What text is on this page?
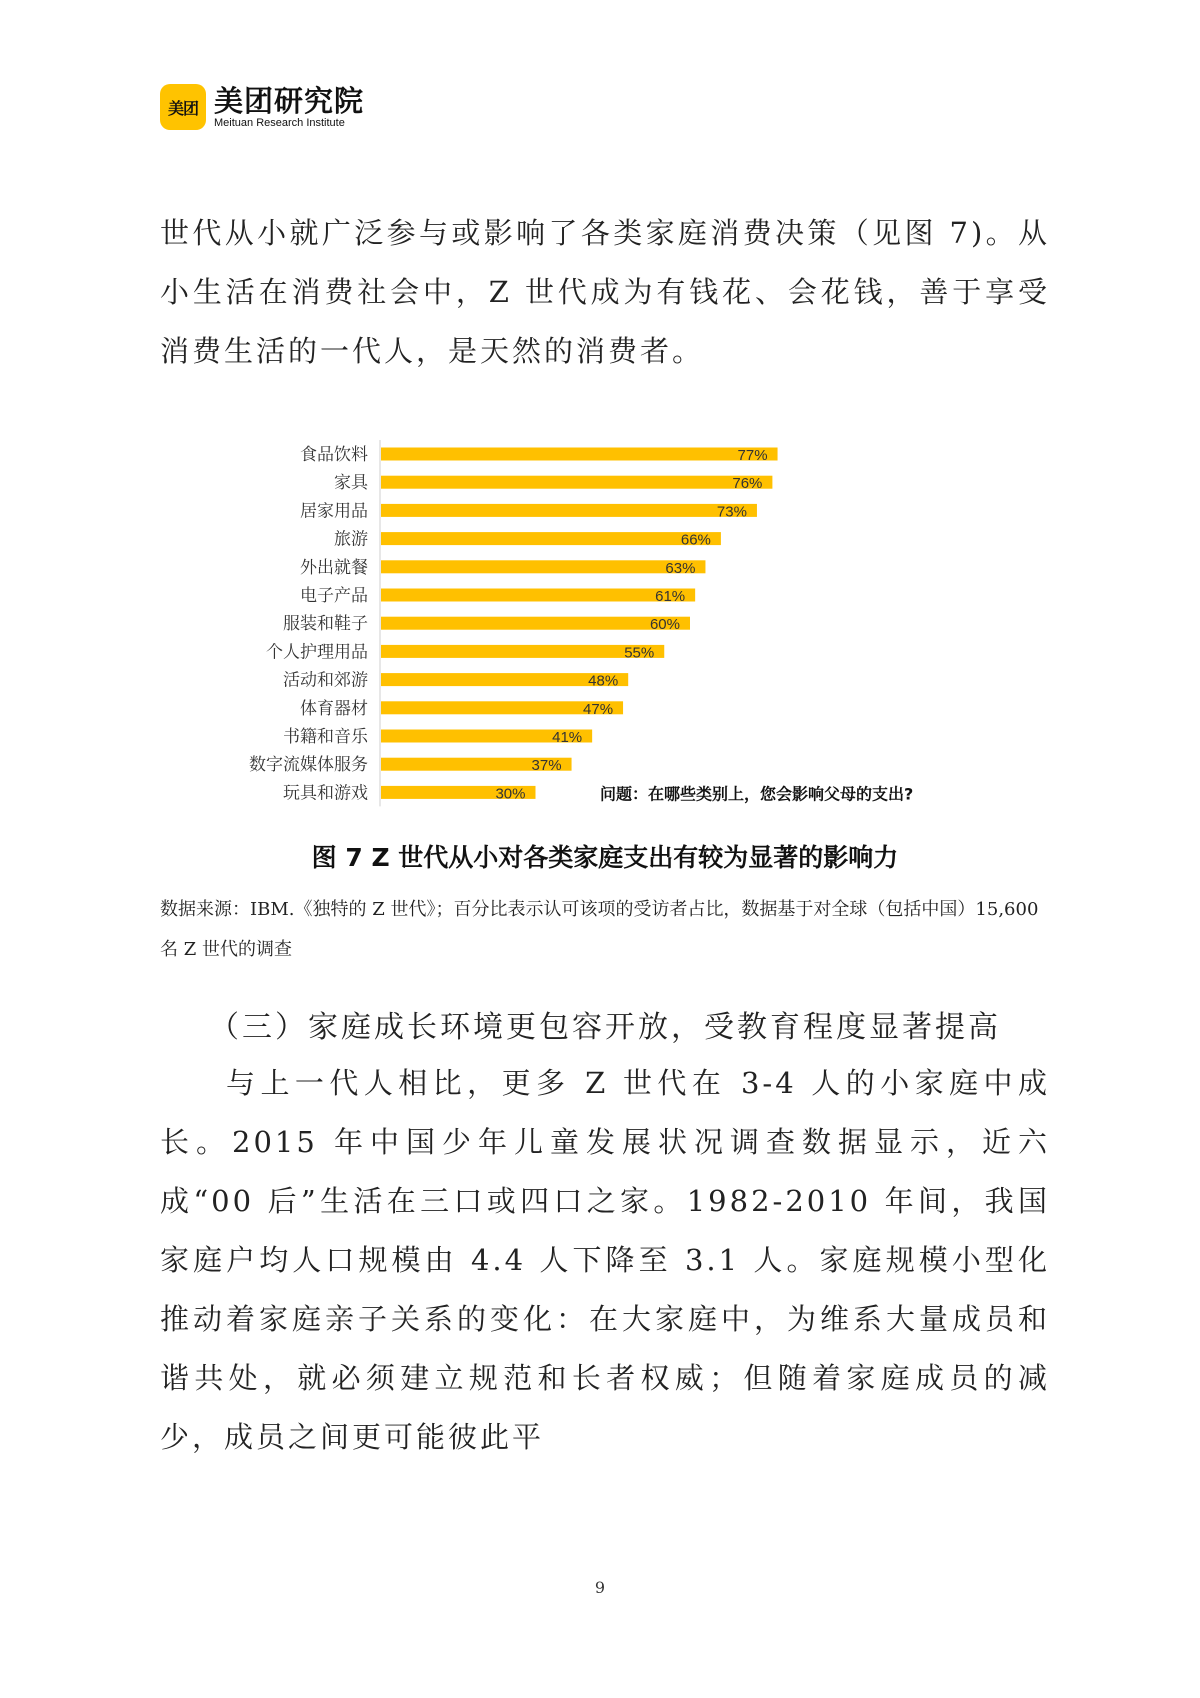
美团 美团研究院
Meituan Research Institute

世代从小就广泛参与或影响了各类家庭消费决策（见图 7)。从小生活在消费社会中，Z 世代成为有钱花、会花钱，善于享受消费生活的一代人，是天然的消费者。

食品饮料	77%
家具	76%
居家用品	73%
旅游	66%
外出就餐	63%
电子产品	61%
服装和鞋子	60%
个人护理用品	55%
活动和郊游	48%
体育器材	47%
书籍和音乐	41%
数字流媒体服务	37%
玩具和游戏	30%	问题：在哪些类别上，您会影响父母的支出?

图 7 Z 世代从小对各类家庭支出有较为显著的影响力

数据来源：IBM.《独特的 Z 世代》；百分比表示认可该项的受访者占比，数据基于对全球（包括中国）15,600 名 Z 世代的调查

（三）家庭成长环境更包容开放，受教育程度显著提高

与上一代人相比，更多 Z 世代在 3-4 人的小家庭中成长。2015 年中国少年儿童发展状况调查数据显示，近六成“00 后”生活在三口或四口之家。1982-2010 年间，我国家庭户均人口规模由 4.4 人下降至 3.1 人。家庭规模小型化推动着家庭亲子关系的变化：在大家庭中，为维系大量成员和谐共处，就必须建立规范和长者权威；但随着家庭成员的减少，成员之间更可能彼此平

9
